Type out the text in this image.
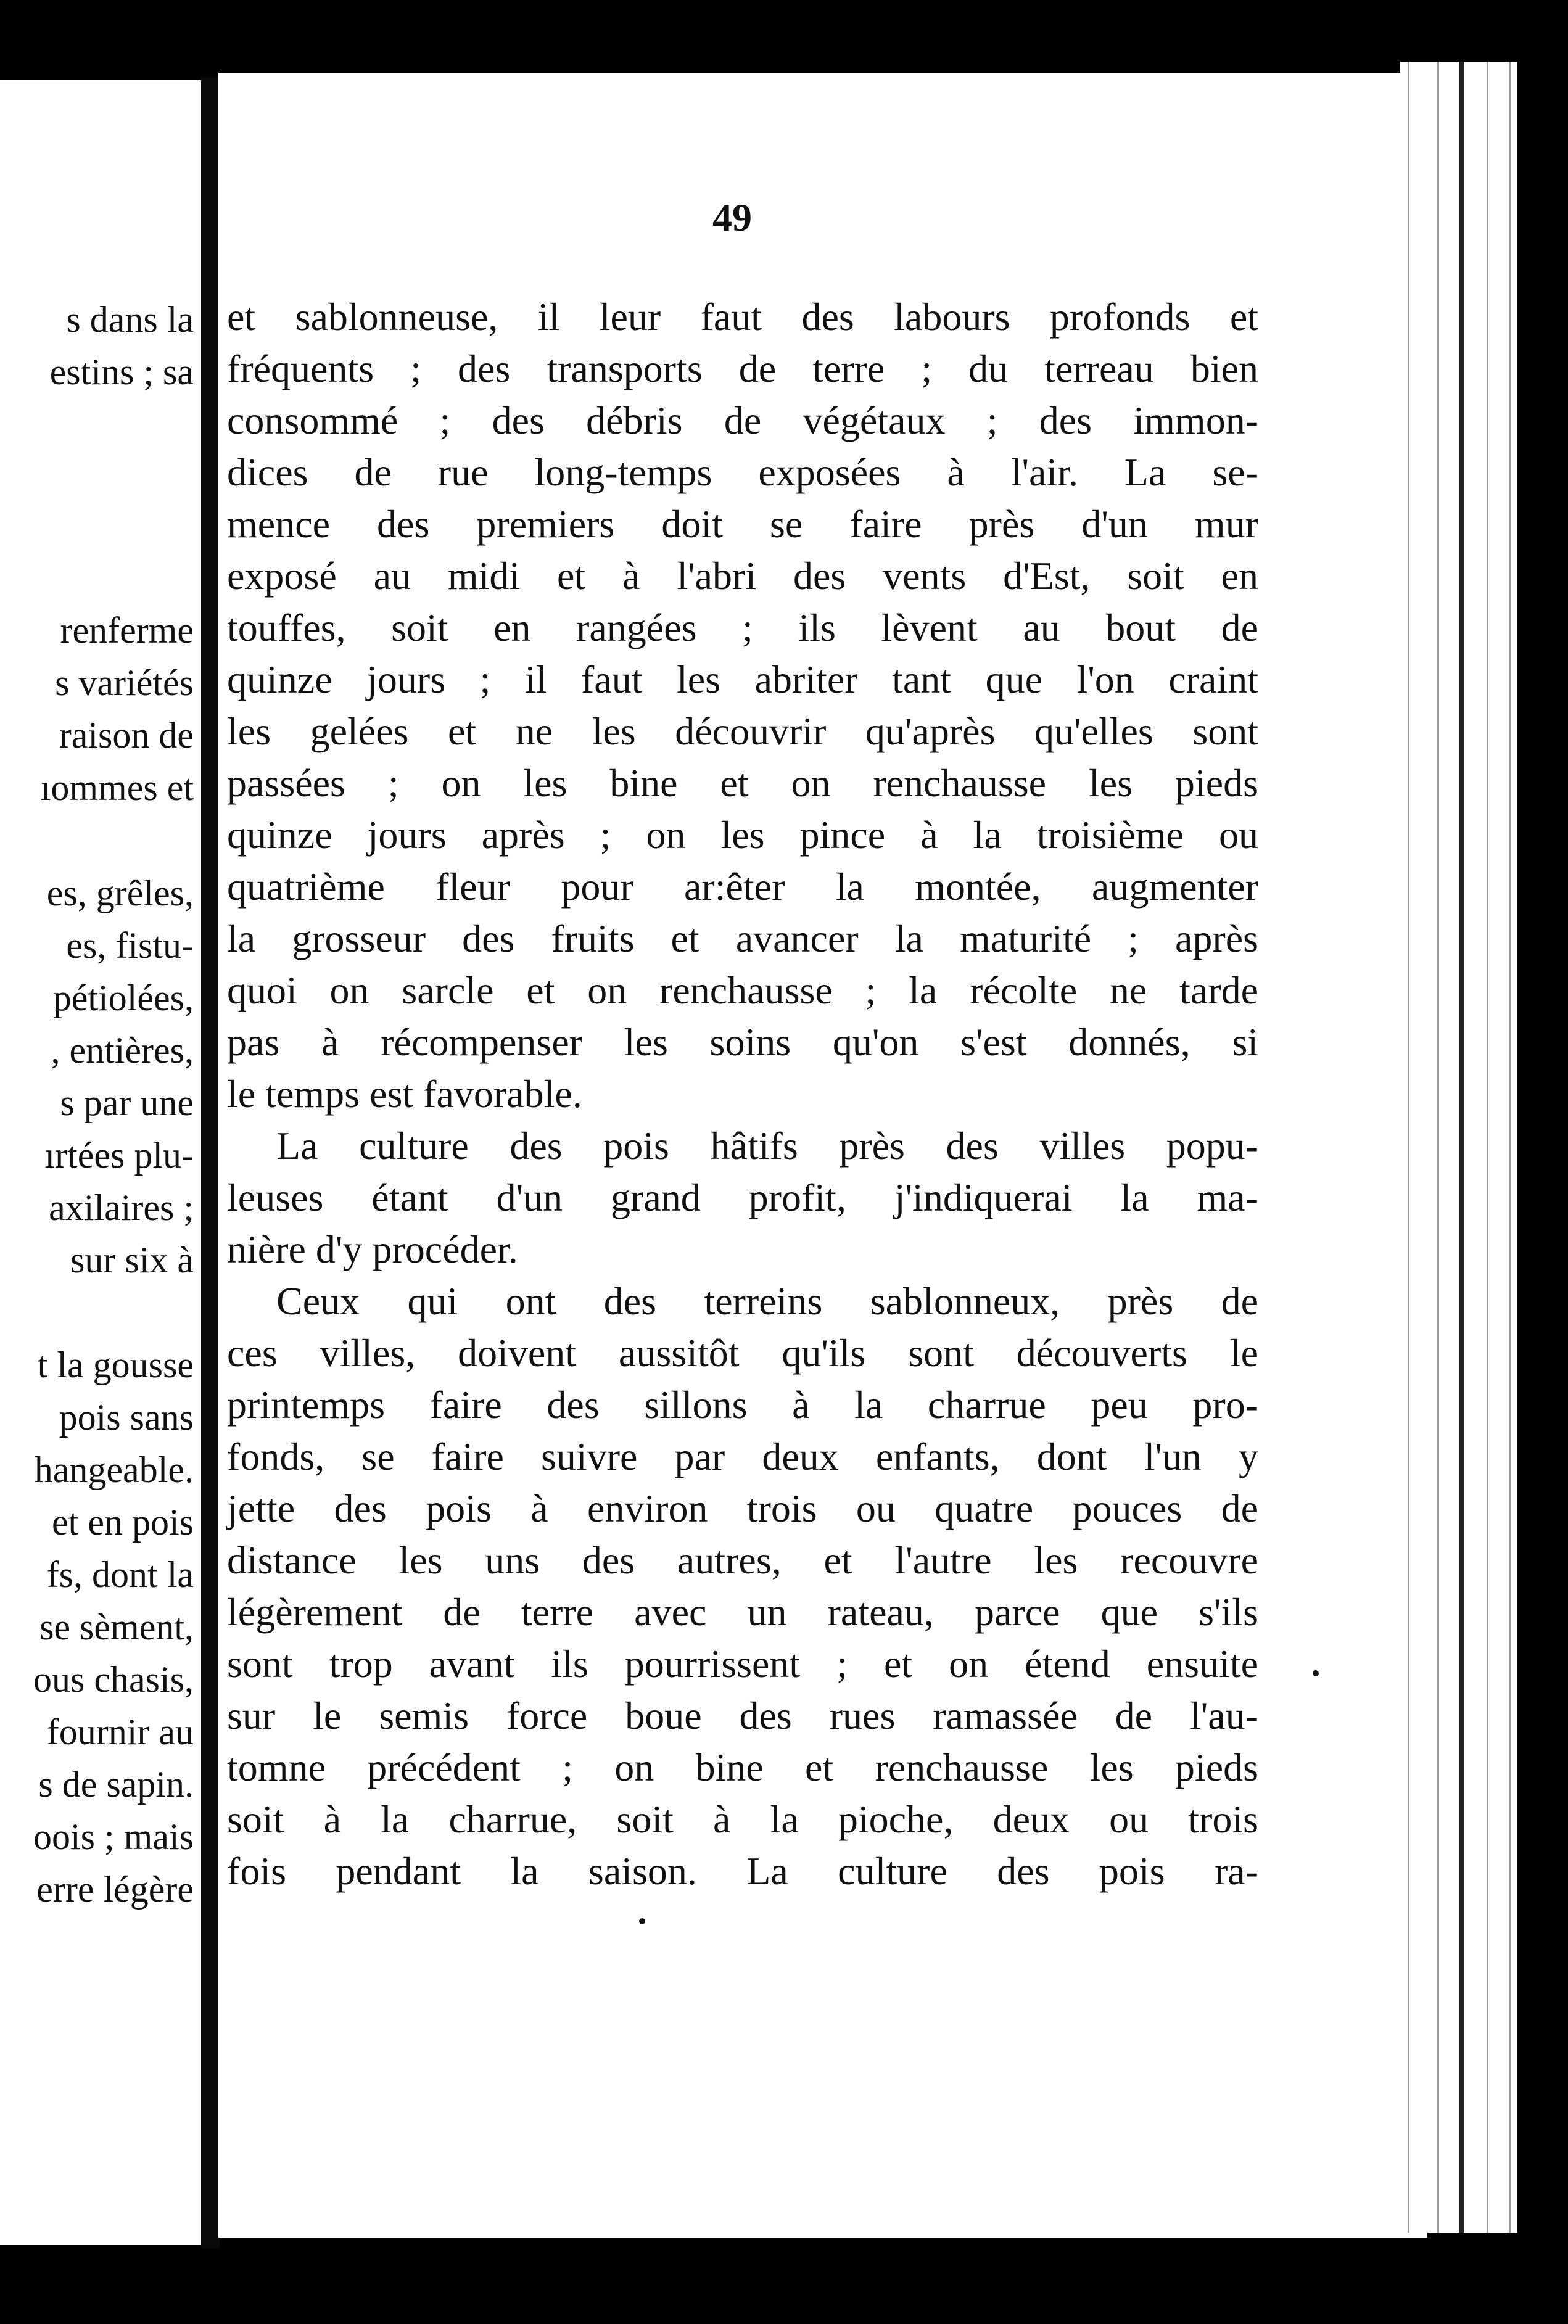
s dans la
estins ; sa
renferme
s variétés
raison de
ıommes et
es, grêles,
es, fistu-
pétiolées,
, entières,
s par une
ırtées plu-
axilaires ;
sur six à
t la gousse
pois sans
hangeable.
et en pois
fs, dont la
se sèment,
ous chasis,
fournir au
s de sapin.
oois ; mais
erre légère
49
et sablonneuse, il leur faut des labours profonds et
fréquents ; des transports de terre ; du terreau bien
consommé ; des débris de végétaux ; des immon-
dices de rue long-temps exposées à l'air. La se-
mence des premiers doit se faire près d'un mur
exposé au midi et à l'abri des vents d'Est, soit en
touffes, soit en rangées ; ils lèvent au bout de
quinze jours ; il faut les abriter tant que l'on craint
les gelées et ne les découvrir qu'après qu'elles sont
passées ; on les bine et on renchausse les pieds
quinze jours après ; on les pince à la troisième ou
quatrième fleur pour ar:êter la montée, augmenter
la grosseur des fruits et avancer la maturité ; après
quoi on sarcle et on renchausse ; la récolte ne tarde
pas à récompenser les soins qu'on s'est donnés, si
le temps est favorable.
La culture des pois hâtifs près des villes popu-
leuses étant d'un grand profit, j'indiquerai la ma-
nière d'y procéder.
Ceux qui ont des terreins sablonneux, près de
ces villes, doivent aussitôt qu'ils sont découverts le
printemps faire des sillons à la charrue peu pro-
fonds, se faire suivre par deux enfants, dont l'un y
jette des pois à environ trois ou quatre pouces de
distance les uns des autres, et l'autre les recouvre
légèrement de terre avec un rateau, parce que s'ils
sont trop avant ils pourrissent ; et on étend ensuite
sur le semis force boue des rues ramassée de l'au-
tomne précédent ; on bine et renchausse les pieds
soit à la charrue, soit à la pioche, deux ou trois
fois pendant la saison. La culture des pois ra-
